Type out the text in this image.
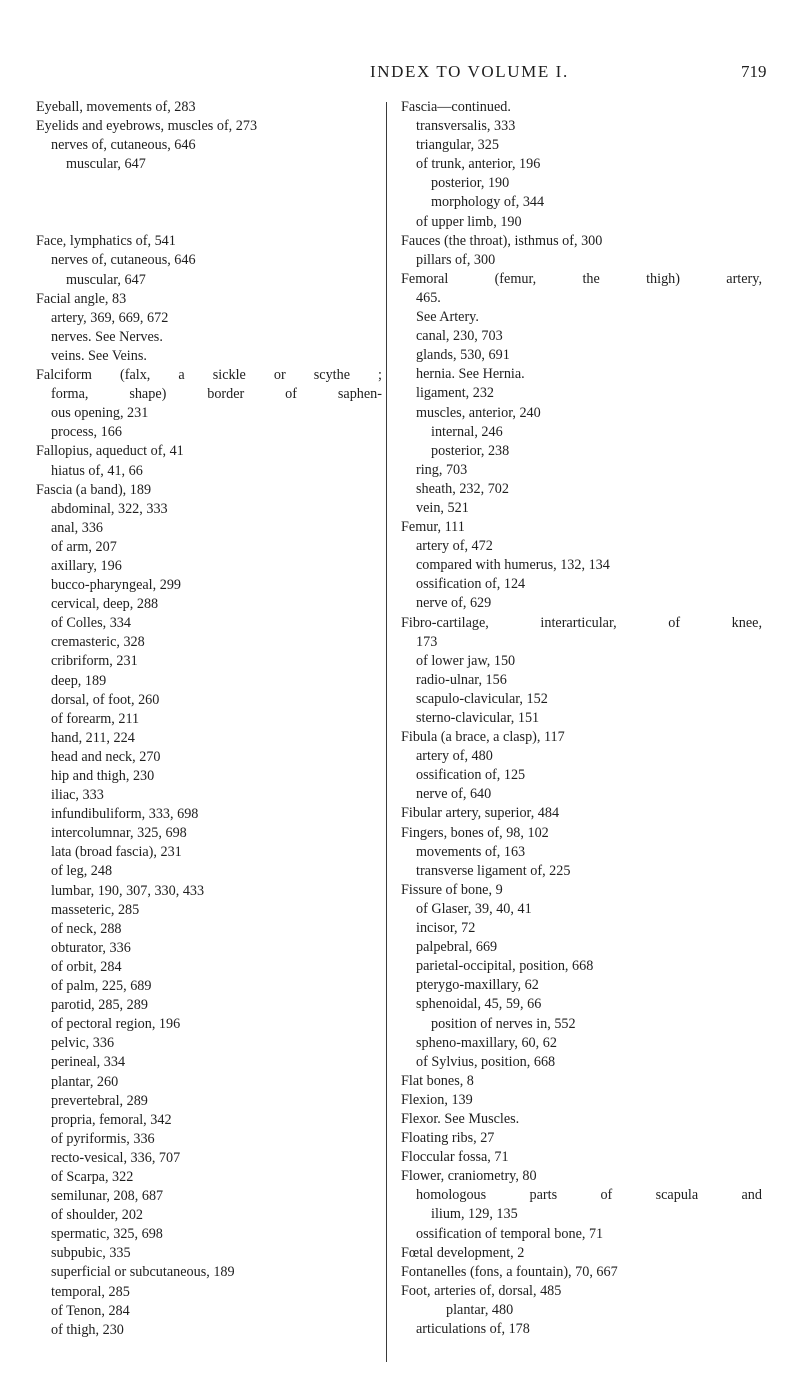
INDEX TO VOLUME I.	719
Eyeball, movements of, 283
Eyelids and eyebrows, muscles of, 273
nerves of, cutaneous, 646
muscular, 647
Face, lymphatics of, 541
nerves of, cutaneous, 646
muscular, 647
Facial angle, 83
artery, 369, 669, 672
nerves. See Nerves.
veins. See Veins.
Falciform (falx, a sickle or scythe ;
forma, shape) border of saphen-
ous opening, 231
process, 166
Fallopius, aqueduct of, 41
hiatus of, 41, 66
Fascia (a band), 189
abdominal, 322, 333
anal, 336
of arm, 207
axillary, 196
bucco-pharyngeal, 299
cervical, deep, 288
of Colles, 334
cremasteric, 328
cribriform, 231
deep, 189
dorsal, of foot, 260
of forearm, 211
hand, 211, 224
head and neck, 270
hip and thigh, 230
iliac, 333
infundibuliform, 333, 698
intercolumnar, 325, 698
lata (broad fascia), 231
of leg, 248
lumbar, 190, 307, 330, 433
masseteric, 285
of neck, 288
obturator, 336
of orbit, 284
of palm, 225, 689
parotid, 285, 289
of pectoral region, 196
pelvic, 336
perineal, 334
plantar, 260
prevertebral, 289
propria, femoral, 342
of pyriformis, 336
recto-vesical, 336, 707
of Scarpa, 322
semilunar, 208, 687
of shoulder, 202
spermatic, 325, 698
subpubic, 335
superficial or subcutaneous, 189
temporal, 285
of Tenon, 284
of thigh, 230
Fascia—continued.
transversalis, 333
triangular, 325
of trunk, anterior, 196
posterior, 190
morphology of, 344
of upper limb, 190
Fauces (the throat), isthmus of, 300
pillars of, 300
Femoral (femur, the thigh) artery,
465.
See Artery.
canal, 230, 703
glands, 530, 691
hernia. See Hernia.
ligament, 232
muscles, anterior, 240
internal, 246
posterior, 238
ring, 703
sheath, 232, 702
vein, 521
Femur, 111
artery of, 472
compared with humerus, 132, 134
ossification of, 124
nerve of, 629
Fibro-cartilage, interarticular, of knee,
173
of lower jaw, 150
radio-ulnar, 156
scapulo-clavicular, 152
sterno-clavicular, 151
Fibula (a brace, a clasp), 117
artery of, 480
ossification of, 125
nerve of, 640
Fibular artery, superior, 484
Fingers, bones of, 98, 102
movements of, 163
transverse ligament of, 225
Fissure of bone, 9
of Glaser, 39, 40, 41
incisor, 72
palpebral, 669
parietal-occipital, position, 668
pterygo-maxillary, 62
sphenoidal, 45, 59, 66
position of nerves in, 552
spheno-maxillary, 60, 62
of Sylvius, position, 668
Flat bones, 8
Flexion, 139
Flexor. See Muscles.
Floating ribs, 27
Floccular fossa, 71
Flower, craniometry, 80
homologous parts of scapula and
ilium, 129, 135
ossification of temporal bone, 71
Fœtal development, 2
Fontanelles (fons, a fountain), 70, 667
Foot, arteries of, dorsal, 485
plantar, 480
articulations of, 178
